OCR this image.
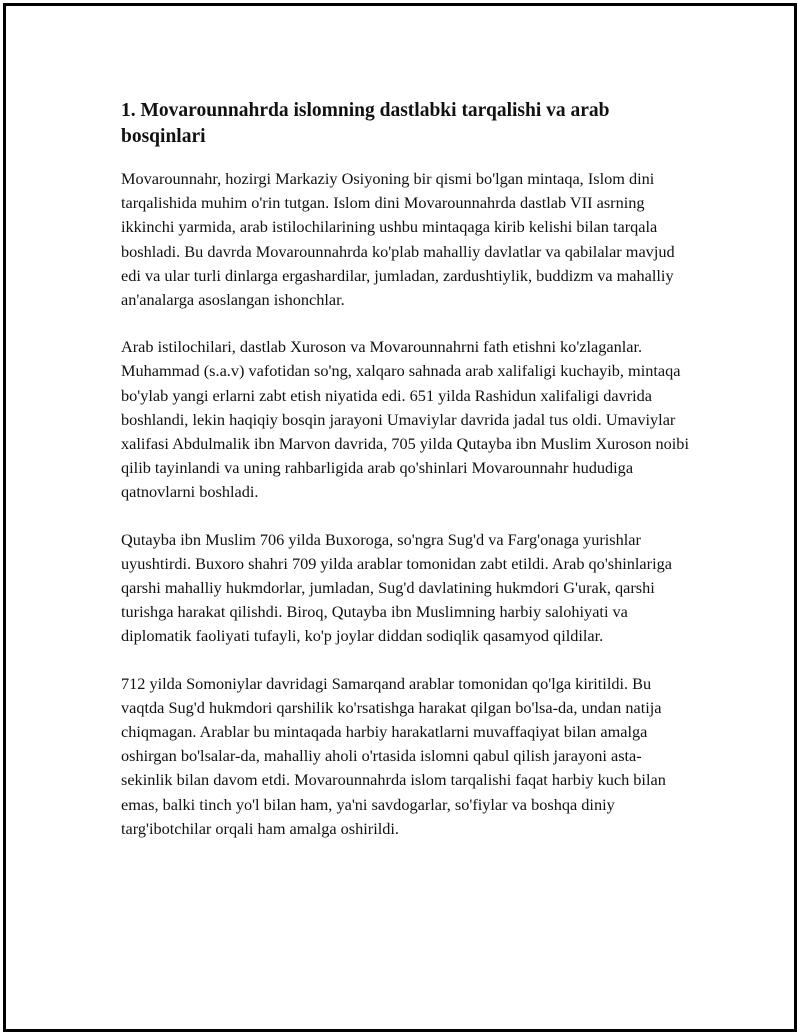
1. Movarounnahrda islomning dastlabki tarqalishi va arab bosqinlari

Movarounnahr, hozirgi Markaziy Osiyoning bir qismi bo'lgan mintaqa, Islom dini tarqalishida muhim o'rin tutgan. Islom dini Movarounnahrda dastlab VII asrning ikkinchi yarmida, arab istilochilarining ushbu mintaqaga kirib kelishi bilan tarqala boshladi. Bu davrda Movarounnahrda ko'plab mahalliy davlatlar va qabilalar mavjud edi va ular turli dinlarga ergashardilar, jumladan, zardushtiylik, buddizm va mahalliy an'analarga asoslangan ishonchlar.

Arab istilochilari, dastlab Xuroson va Movarounnahrni fath etishni ko'zlaganlar. Muhammad (s.a.v) vafotidan so'ng, xalqaro sahnada arab xalifaligi kuchayib, mintaqa bo'ylab yangi erlarni zabt etish niyatida edi. 651 yilda Rashidun xalifaligi davrida boshlandi, lekin haqiqiy bosqin jarayoni Umaviylar davrida jadal tus oldi. Umaviylar xalifasi Abdulmalik ibn Marvon davrida, 705 yilda Qutayba ibn Muslim Xuroson noibi qilib tayinlandi va uning rahbarligida arab qo'shinlari Movarounnahr hududiga qatnovlarni boshladi.

Qutayba ibn Muslim 706 yilda Buxoroga, so'ngra Sug'd va Farg'onaga yurishlar uyushtirdi. Buxoro shahri 709 yilda arablar tomonidan zabt etildi. Arab qo'shinlariga qarshi mahalliy hukmdorlar, jumladan, Sug'd davlatining hukmdori G'urak, qarshi turishga harakat qilishdi. Biroq, Qutayba ibn Muslimning harbiy salohiyati va diplomatik faoliyati tufayli, ko'p joylar diddan sodiqlik qasamyod qildilar.

712 yilda Somoniylar davridagi Samarqand arablar tomonidan qo'lga kiritildi. Bu vaqtda Sug'd hukmdori qarshilik ko'rsatishga harakat qilgan bo'lsa-da, undan natija chiqmagan. Arablar bu mintaqada harbiy harakatlarni muvaffaqiyat bilan amalga oshirgan bo'lsalar-da, mahalliy aholi o'rtasida islomni qabul qilish jarayoni asta-sekinlik bilan davom etdi. Movarounnahrda islom tarqalishi faqat harbiy kuch bilan emas, balki tinch yo'l bilan ham, ya'ni savdogarlar, so'fiylar va boshqa diniy targ'ibotchilar orqali ham amalga oshirildi.
